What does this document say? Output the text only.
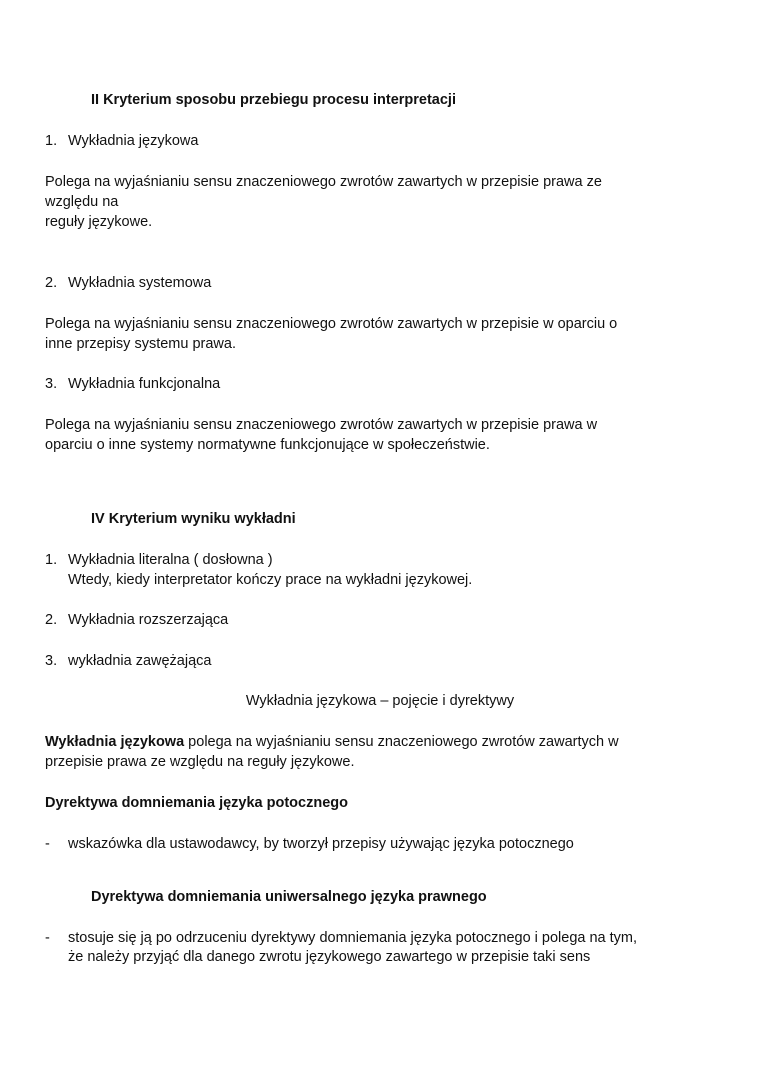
II Kryterium sposobu przebiegu procesu interpretacji
1. Wykładnia językowa
Polega na wyjaśnianiu sensu znaczeniowego zwrotów zawartych w przepisie prawa ze
względu na
reguły językowe.
2. Wykładnia systemowa
Polega na wyjaśnianiu sensu znaczeniowego zwrotów zawartych w przepisie w oparciu o
inne przepisy systemu prawa.
3. Wykładnia funkcjonalna
Polega na wyjaśnianiu sensu znaczeniowego zwrotów zawartych w przepisie prawa w
oparciu o inne systemy normatywne funkcjonujące w społeczeństwie.
IV Kryterium wyniku wykładni
1. Wykładnia literalna ( dosłowna )
Wtedy, kiedy interpretator kończy prace na wykładni językowej.
2. Wykładnia rozszerzająca
3. wykładnia zawężająca
Wykładnia językowa – pojęcie i dyrektywy
Wykładnia językowa polega na wyjaśnianiu sensu znaczeniowego zwrotów zawartych w
przepisie prawa ze względu na reguły językowe.
Dyrektywa domniemania języka potocznego
- wskazówka dla ustawodawcy, by tworzył przepisy używając języka potocznego
Dyrektywa domniemania uniwersalnego języka prawnego
- stosuje się ją po odrzuceniu dyrektywy domniemania języka potocznego i polega na tym,
że należy przyjąć dla danego zwrotu językowego zawartego w przepisie taki sens
